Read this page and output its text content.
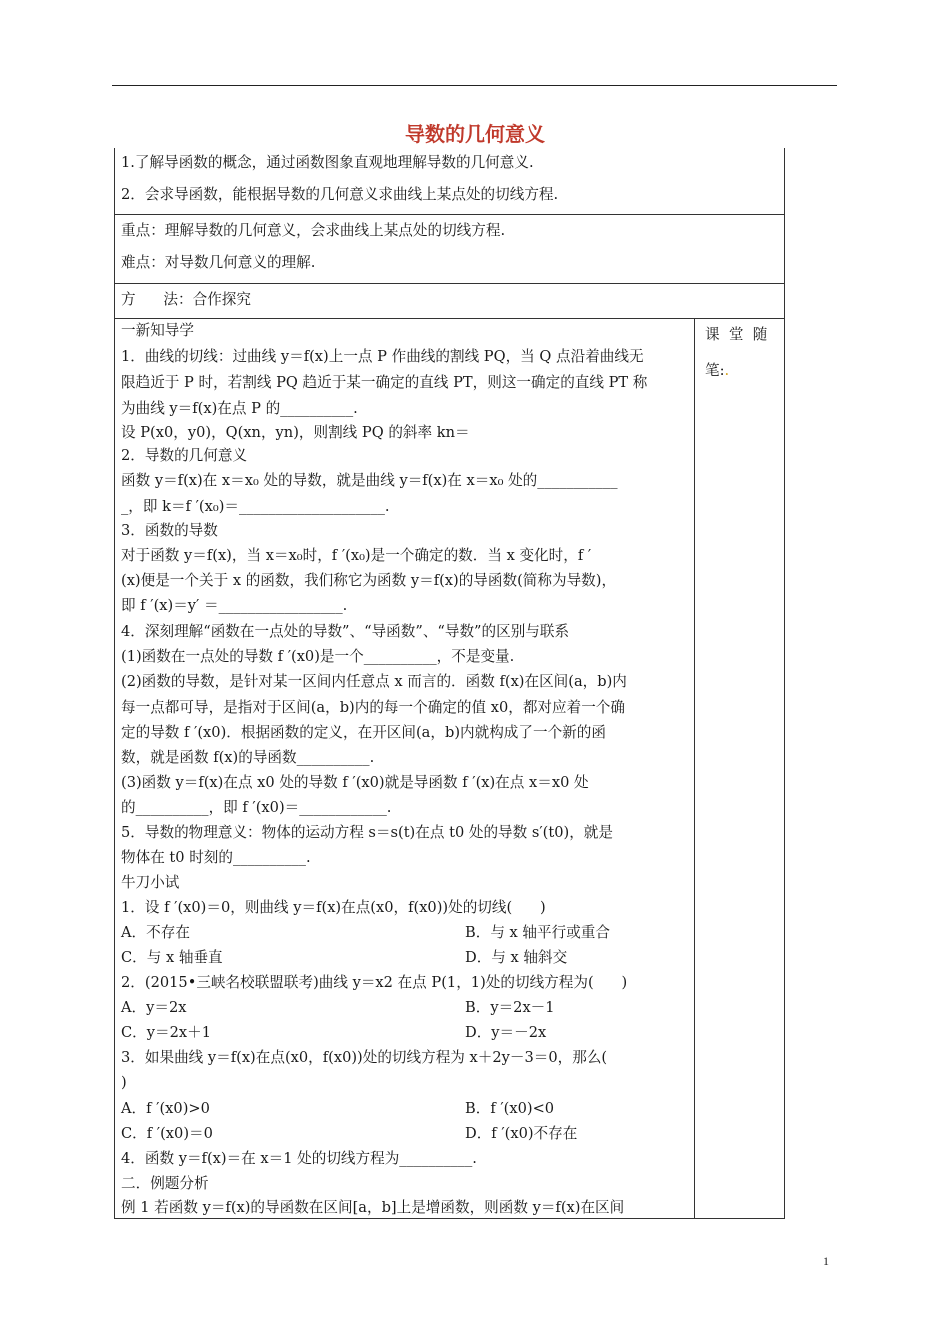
导数的几何意义
1.了解导函数的概念，通过函数图象直观地理解导数的几何意义.
2．会求导函数，能根据导数的几何意义求曲线上某点处的切线方程.
重点：理解导数的几何意义，会求曲线上某点处的切线方程.
难点：对导数几何意义的理解.
方      法：合作探究
课  堂  随
笔:.
一新知导学
1．曲线的切线：过曲线 y＝f(x)上一点 P 作曲线的割线 PQ，当 Q 点沿着曲线无
限趋近于 P 时，若割线 PQ 趋近于某一确定的直线 PT，则这一确定的直线 PT 称
为曲线 y＝f(x)在点 P 的__________.
设 P(x0，y0)，Q(xn，yn)，则割线 PQ 的斜率 kn＝
2．导数的几何意义
函数 y＝f(x)在 x＝x₀ 处的导数，就是曲线 y＝f(x)在 x＝x₀ 处的___________
_，即 k＝f ′(x₀)＝____________________.
3．函数的导数
对于函数 y＝f(x)，当 x＝x₀时，f ′(x₀)是一个确定的数．当 x 变化时，f ′
(x)便是一个关于 x 的函数，我们称它为函数 y＝f(x)的导函数(简称为导数)，
即 f ′(x)＝y′ ＝_________________.
4．深刻理解“函数在一点处的导数”、“导函数”、“导数”的区别与联系
(1)函数在一点处的导数 f ′(x0)是一个__________，不是变量.
(2)函数的导数，是针对某一区间内任意点 x 而言的．函数 f(x)在区间(a，b)内
每一点都可导，是指对于区间(a，b)内的每一个确定的值 x0，都对应着一个确
定的导数 f ′(x0)．根据函数的定义，在开区间(a，b)内就构成了一个新的函
数，就是函数 f(x)的导函数__________.
(3)函数 y＝f(x)在点 x0 处的导数 f ′(x0)就是导函数 f ′(x)在点 x＝x0 处
的__________，即 f ′(x0)＝____________.
5．导数的物理意义：物体的运动方程 s＝s(t)在点 t0 处的导数 s′(t0)，就是
物体在 t0 时刻的__________.
牛刀小试
1．设 f ′(x0)＝0，则曲线 y＝f(x)在点(x0，f(x0))处的切线(      )
A．不存在	B．与 x 轴平行或重合
C．与 x 轴垂直	D．与 x 轴斜交
2．(2015•三峡名校联盟联考)曲线 y＝x2 在点 P(1，1)处的切线方程为(      )
A．y＝2x	B．y＝2x－1
C．y＝2x＋1	D．y＝－2x
3．如果曲线 y＝f(x)在点(x0，f(x0))处的切线方程为 x＋2y－3＝0，那么(
)
A．f ′(x0)>0	B．f ′(x0)<0
C．f ′(x0)＝0	D．f ′(x0)不存在
4．函数 y＝f(x)＝在 x＝1 处的切线方程为__________.
二．例题分析
例 1 若函数 y＝f(x)的导函数在区间[a，b]上是增函数，则函数 y＝f(x)在区间
1
